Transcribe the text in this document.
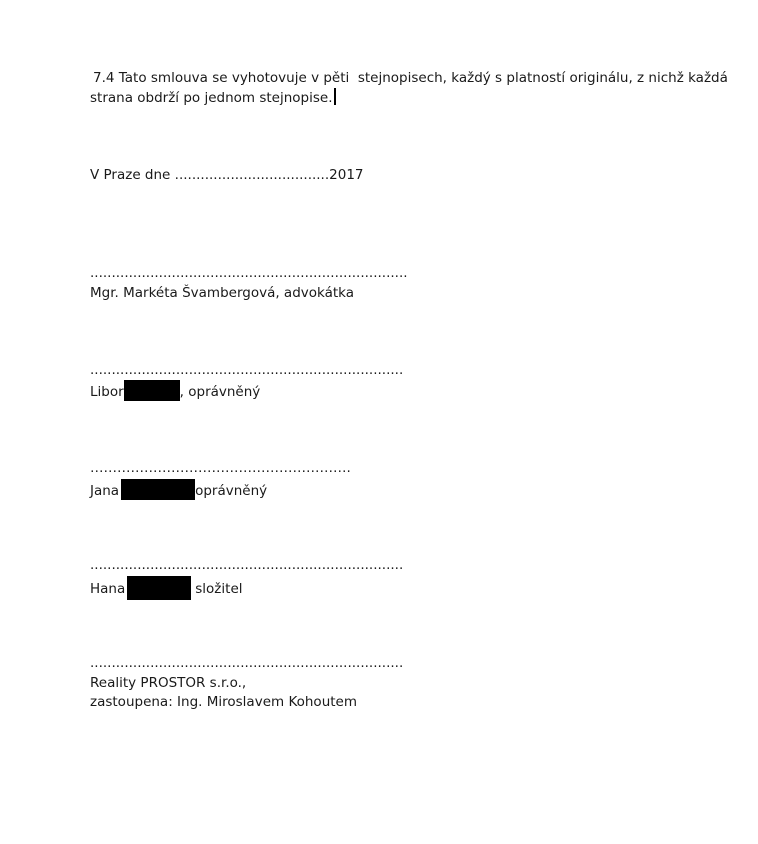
7.4 Tato smlouva se vyhotovuje v pěti  stejnopisech, každý s platností originálu, z nichž každá
strana obdrží po jednom stejnopise.
V Praze dne ....................................2017
..........................................................................
Mgr. Markéta Švambergová, advokátka
.........................................................................
Libor	, oprávněný
………………………………………………….
Jana	oprávněný
.........................................................................
Hana	složitel
.........................................................................
Reality PROSTOR s.r.o.,
zastoupena: Ing. Miroslavem Kohoutem
